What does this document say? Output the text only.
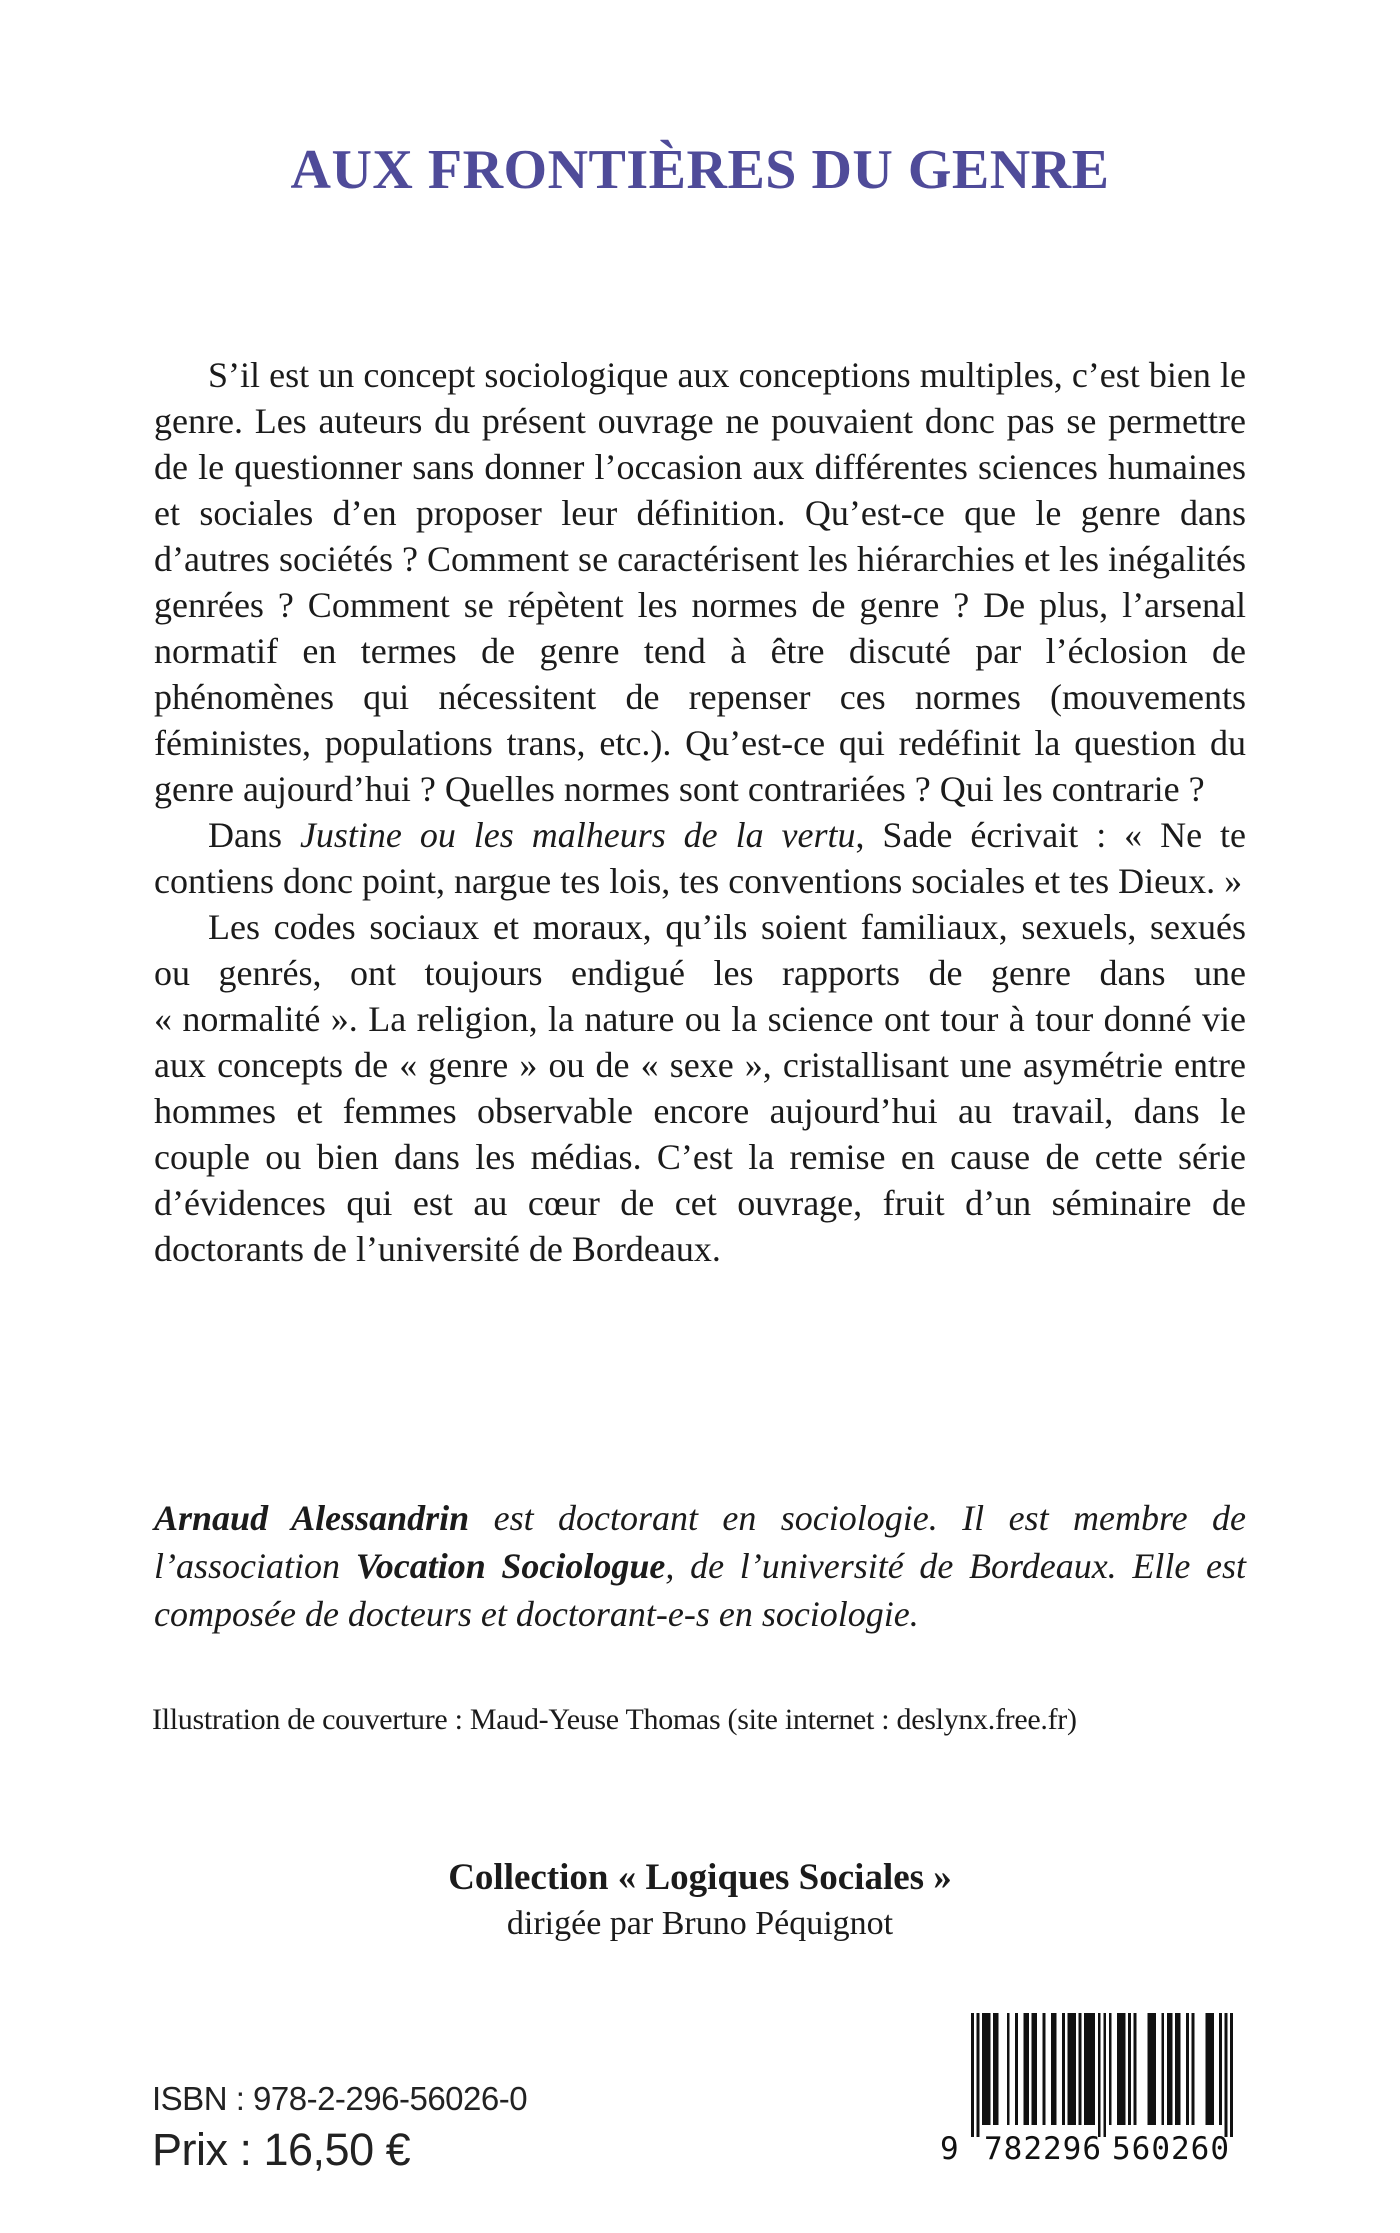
AUX FRONTIÈRES DU GENRE

S’il est un concept sociologique aux conceptions multiples, c’est bien le genre. Les auteurs du présent ouvrage ne pouvaient donc pas se permettre de le questionner sans donner l’occasion aux différentes sciences humaines et sociales d’en proposer leur définition. Qu’est-ce que le genre dans d’autres sociétés ? Comment se caractérisent les hiérarchies et les inégalités genrées ? Comment se répètent les normes de genre ? De plus, l’arsenal normatif en termes de genre tend à être discuté par l’éclosion de phénomènes qui nécessitent de repenser ces normes (mouvements féministes, populations trans, etc.). Qu’est-ce qui redéfinit la question du genre aujourd’hui ? Quelles normes sont contrariées ? Qui les contrarie ?

Dans Justine ou les malheurs de la vertu, Sade écrivait : « Ne te contiens donc point, nargue tes lois, tes conventions sociales et tes Dieux. »

Les codes sociaux et moraux, qu’ils soient familiaux, sexuels, sexués ou genrés, ont toujours endigué les rapports de genre dans une « normalité ». La religion, la nature ou la science ont tour à tour donné vie aux concepts de « genre » ou de « sexe », cristallisant une asymétrie entre hommes et femmes observable encore aujourd’hui au travail, dans le couple ou bien dans les médias. C’est la remise en cause de cette série d’évidences qui est au cœur de cet ouvrage, fruit d’un séminaire de doctorants de l’université de Bordeaux.

Arnaud Alessandrin est doctorant en sociologie. Il est membre de l’association Vocation Sociologue, de l’université de Bordeaux. Elle est composée de docteurs et doctorant-e-s en sociologie.

Illustration de couverture : Maud-Yeuse Thomas (site internet : deslynx.free.fr)

Collection « Logiques Sociales »

dirigée par Bruno Péquignot

ISBN : 978-2-296-56026-0
Prix : 16,50 €	9 782296 560260
